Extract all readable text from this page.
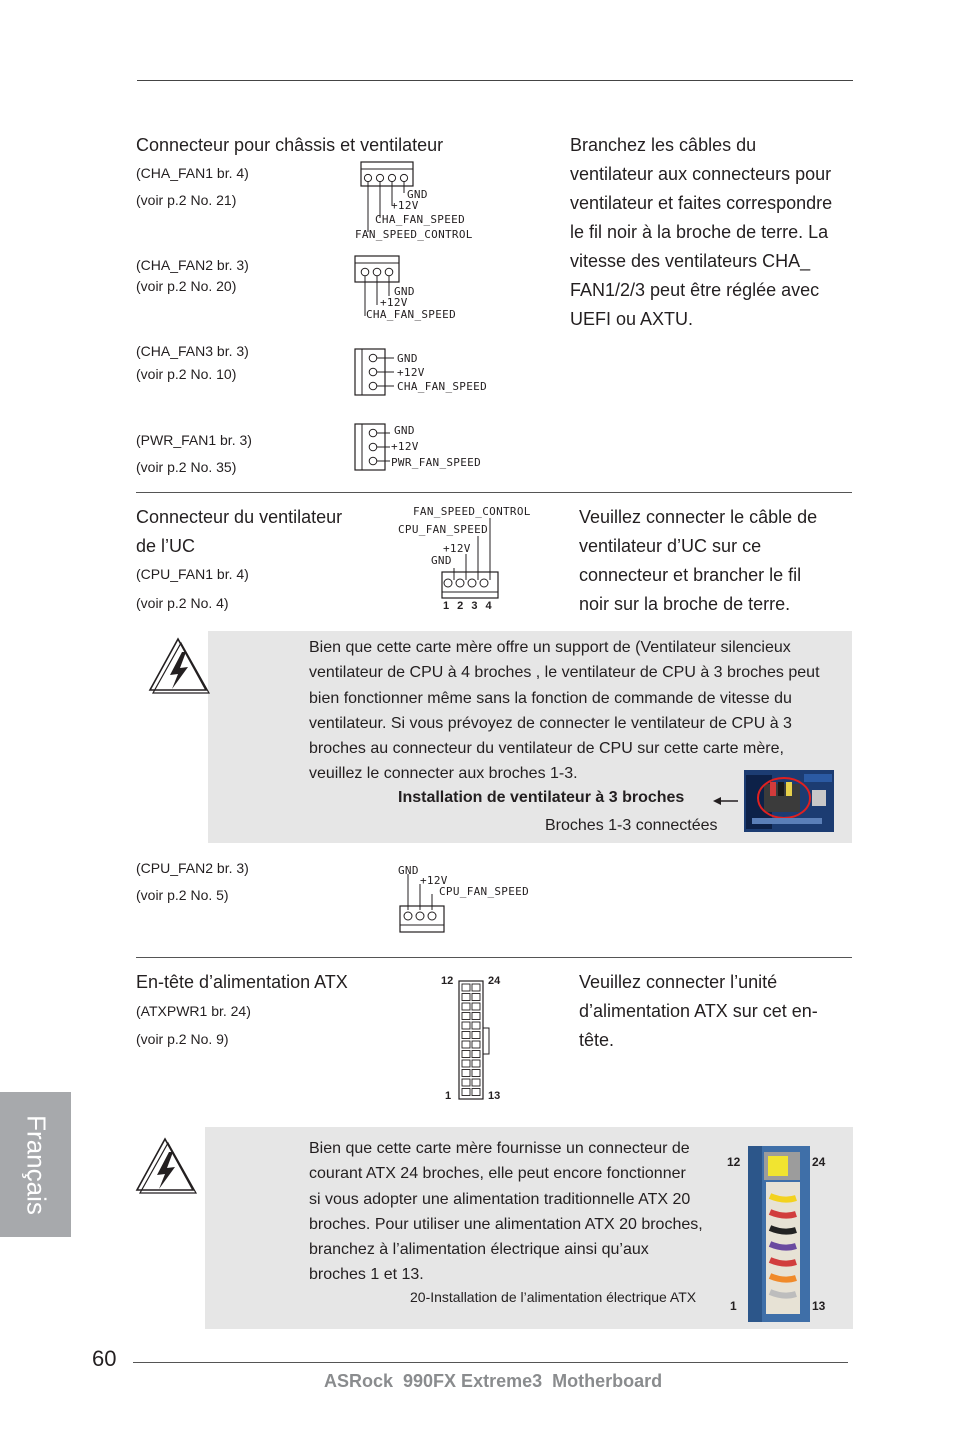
Connecteur pour châssis et ventilateur	Branchez les câbles du
ventilateur aux connecteurs pour
ventilateur et faites correspondre
le fil noir à la broche de terre. La
vitesse des ventilateurs CHA_
FAN1/2/3 peut être réglée avec
UEFI ou AXTU.
(CHA_FAN1 br. 4)
(voir p.2 No. 21)	GND
+12V
CHA_FAN_SPEED
FAN_SPEED_CONTROL
(CHA_FAN2 br. 3)
(voir p.2 No. 20)	GND
+12V
CHA_FAN_SPEED
(CHA_FAN3 br. 3)
(voir p.2 No. 10)
GND
+12V
CHA_FAN_SPEED
(PWR_FAN1 br. 3)
(voir p.2 No. 35)
GND
+12V
PWR_FAN_SPEED
Connecteur du ventilateur
de l’UC
(CPU_FAN1 br. 4)
(voir p.2 No. 4)
FAN_SPEED_CONTROL
CPU_FAN_SPEED
+12V
GND
1 2 3 4
Veuillez connecter le câble de
ventilateur d’UC sur ce
connecteur et brancher le fil
noir sur la broche de terre.
Bien que cette carte mère offre un support de (Ventilateur silencieux
ventilateur de CPU à 4 broches , le ventilateur de CPU à 3 broches peut
bien fonctionner même sans la fonction de commande de vitesse du
ventilateur. Si vous prévoyez de connecter le ventilateur de CPU à 3
broches au connecteur du ventilateur de CPU sur cette carte mère,
veuillez le connecter aux broches 1-3.
Installation de ventilateur à 3 broches
Broches 1-3 connectées
(CPU_FAN2 br. 3)
(voir p.2 No. 5)
GND
+12V
CPU_FAN_SPEED
En-tête d’alimentation ATX
(ATXPWR1 br. 24)
(voir p.2 No. 9)
12	24
1	13
Veuillez connecter l’unité
d’alimentation ATX sur cet en-
tête.
Bien que cette carte mère fournisse un connecteur de
courant ATX 24 broches, elle peut encore fonctionner
si vous adopter une alimentation traditionnelle ATX 20
broches. Pour utiliser une alimentation ATX 20 broches,
branchez à l’alimentation électrique ainsi qu’aux
broches 1 et 13.
20-Installation de l’alimentation électrique ATX
12	24
1	13
Français
60
ASRock  990FX Extreme3  Motherboard
